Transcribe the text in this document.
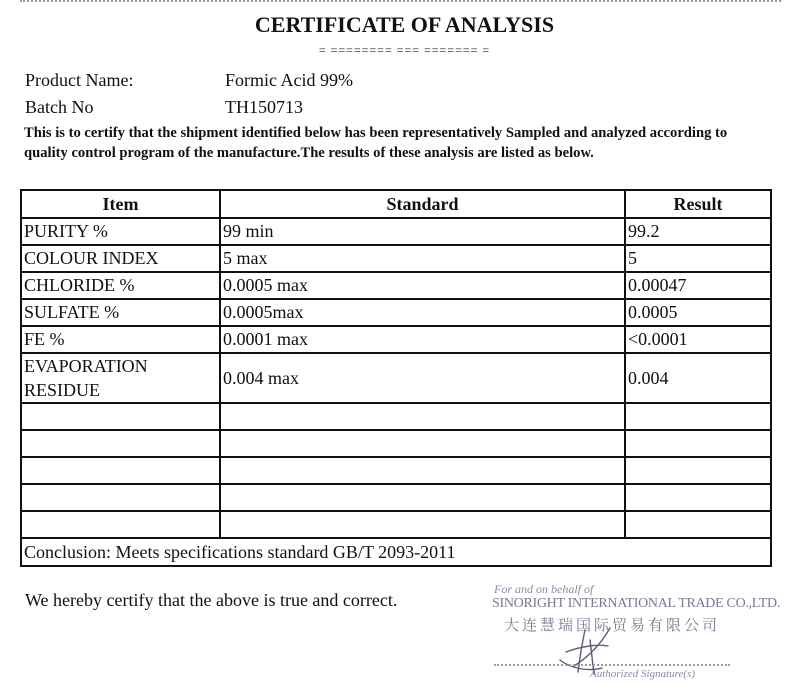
CERTIFICATE OF ANALYSIS
= ======== === ======= =
Product Name:	Formic Acid 99%
Batch No	TH150713
This is to certify that the shipment identified below has been representatively Sampled and analyzed according to quality control program of the manufacture.The results of these analysis are listed as below.
Item	Standard	Result
PURITY %	99 min	99.2
COLOUR INDEX	5 max	5
CHLORIDE %	0.0005 max	0.00047
SULFATE %	0.0005max	0.0005
FE %	0.0001 max	<0.0001
EVAPORATION
RESIDUE	0.004 max	0.004

Conclusion: Meets specifications standard GB/T 2093-2011		
We hereby certify that the above is true and correct.
For and on behalf of
SINORIGHT INTERNATIONAL TRADE CO.,LTD.
大连慧瑞国际贸易有限公司
Authorized Signature(s)
